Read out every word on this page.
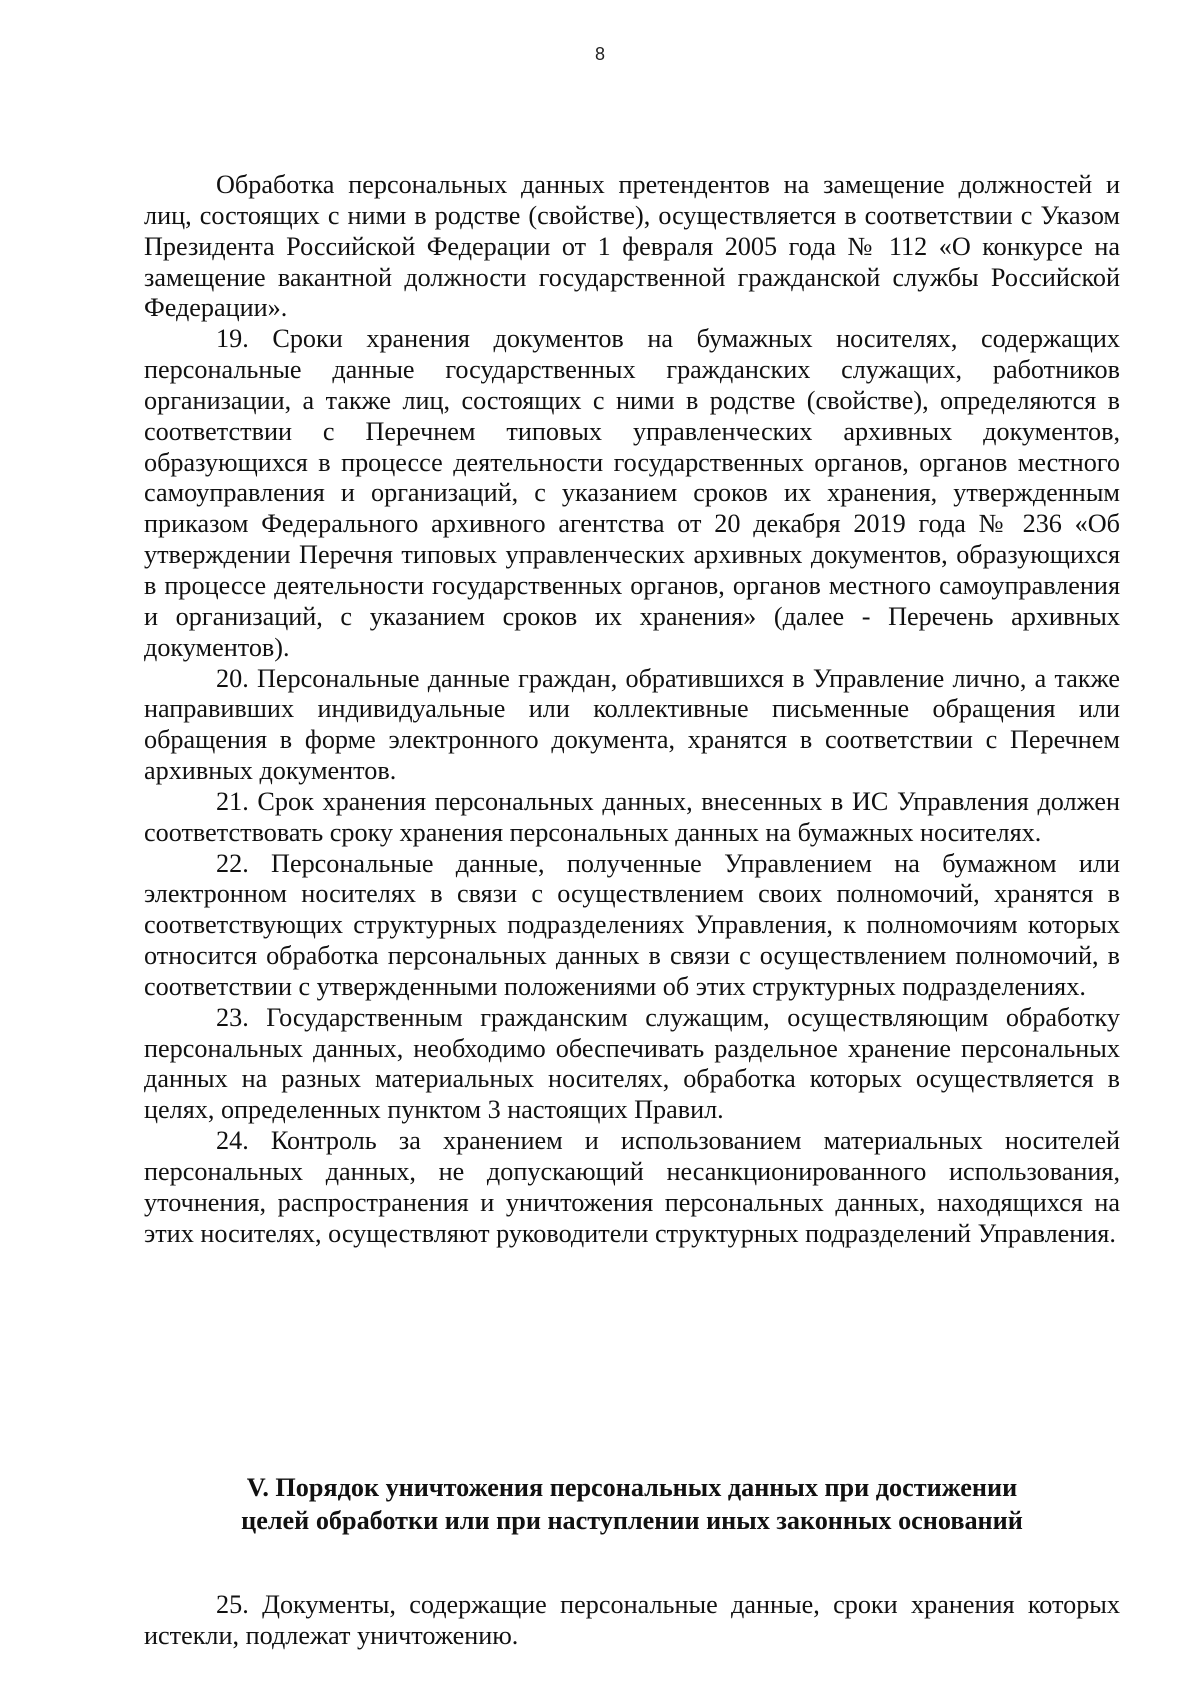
8

Обработка персональных данных претендентов на замещение должностей и лиц, состоящих с ними в родстве (свойстве), осуществляется в соответствии с Указом Президента Российской Федерации от 1 февраля 2005 года № 112 «О конкурсе на замещение вакантной должности государственной гражданской службы Российской Федерации».

19. Сроки хранения документов на бумажных носителях, содержащих персональные данные государственных гражданских служащих, работников организации, а также лиц, состоящих с ними в родстве (свойстве), определяются в соответствии с Перечнем типовых управленческих архивных документов, образующихся в процессе деятельности государственных органов, органов местного самоуправления и организаций, с указанием сроков их хранения, утвержденным приказом Федерального архивного агентства от 20 декабря 2019 года № 236 «Об утверждении Перечня типовых управленческих архивных документов, образующихся в процессе деятельности государственных органов, органов местного самоуправления и организаций, с указанием сроков их хранения» (далее - Перечень архивных документов).

20. Персональные данные граждан, обратившихся в Управление лично, а также направивших индивидуальные или коллективные письменные обращения или обращения в форме электронного документа, хранятся в соответствии с Перечнем архивных документов.

21. Срок хранения персональных данных, внесенных в ИС Управления должен соответствовать сроку хранения персональных данных на бумажных носителях.

22. Персональные данные, полученные Управлением на бумажном или электронном носителях в связи с осуществлением своих полномочий, хранятся в соответствующих структурных подразделениях Управления, к полномочиям которых относится обработка персональных данных в связи с осуществлением полномочий, в соответствии с утвержденными положениями об этих структурных подразделениях.

23. Государственным гражданским служащим, осуществляющим обработку персональных данных, необходимо обеспечивать раздельное хранение персональных данных на разных материальных носителях, обработка которых осуществляется в целях, определенных пунктом 3 настоящих Правил.

24. Контроль за хранением и использованием материальных носителей персональных данных, не допускающий несанкционированного использования, уточнения, распространения и уничтожения персональных данных, находящихся на этих носителях, осуществляют руководители структурных подразделений Управления.

V. Порядок уничтожения персональных данных при достижении
целей обработки или при наступлении иных законных оснований

25. Документы, содержащие персональные данные, сроки хранения которых истекли, подлежат уничтожению.
